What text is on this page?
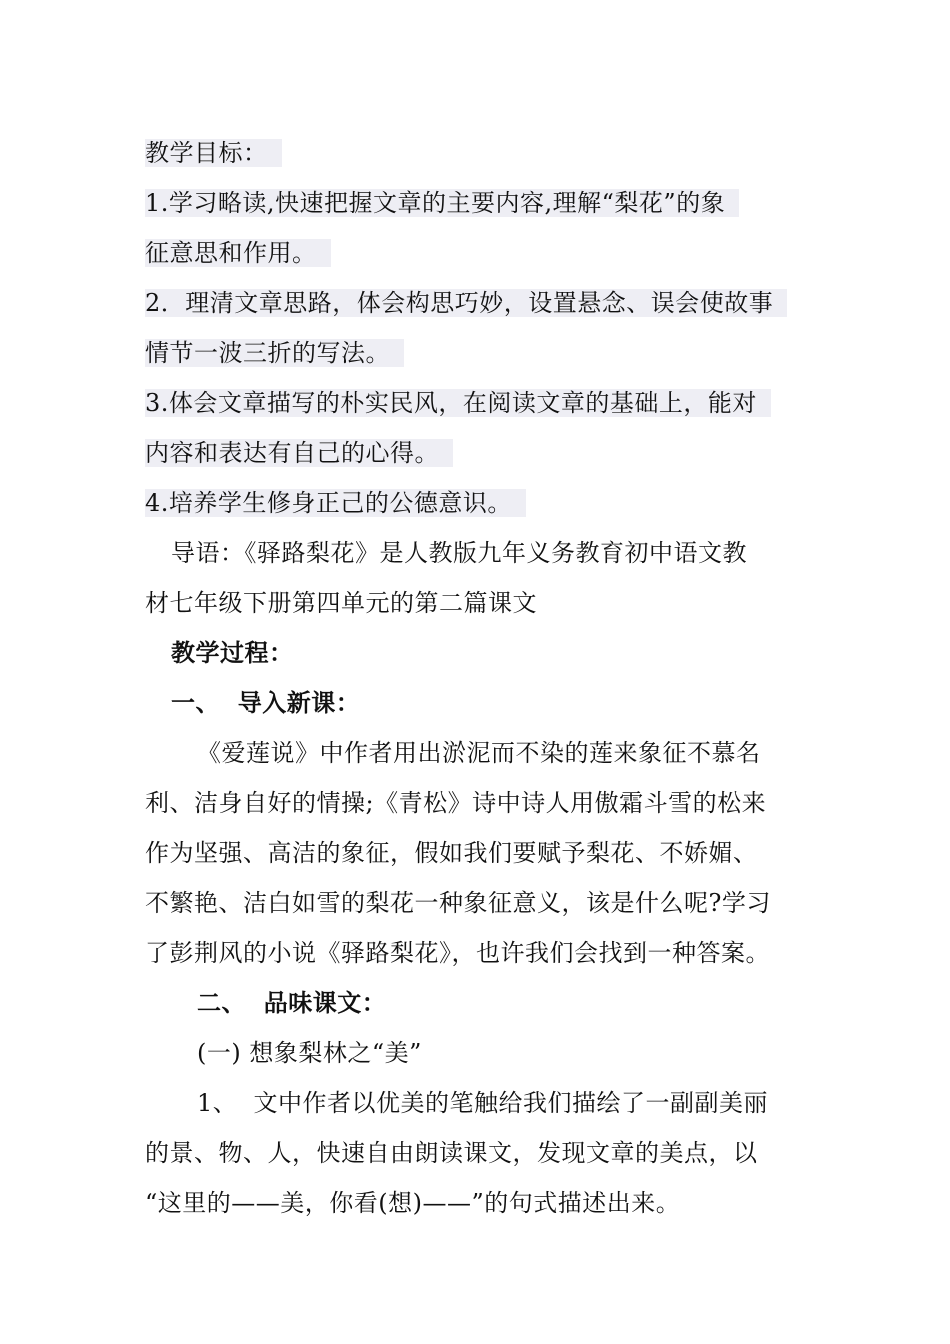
教学目标：
1.学习略读,快速把握文章的主要内容,理解“梨花”的象
征意思和作用。
2．理清文章思路，体会构思巧妙，设置悬念、误会使故事
情节一波三折的写法。
3.体会文章描写的朴实民风，在阅读文章的基础上，能对
内容和表达有自己的心得。
4.培养学生修身正己的公德意识。
导语：《驿路梨花》是人教版九年义务教育初中语文教
材七年级下册第四单元的第二篇课文
教学过程：
一、  导入新课：
《爱莲说》中作者用出淤泥而不染的莲来象征不慕名
利、洁身自好的情操;《青松》诗中诗人用傲霜斗雪的松来
作为坚强、高洁的象征，假如我们要赋予梨花、不娇媚、
不繁艳、洁白如雪的梨花一种象征意义，该是什么呢?学习
了彭荆风的小说《驿路梨花》，也许我们会找到一种答案。
二、  品味课文：
(一) 想象梨林之“美”
1、  文中作者以优美的笔触给我们描绘了一副副美丽
的景、物、人，快速自由朗读课文，发现文章的美点，以
“这里的——美，你看(想)——”的句式描述出来。
